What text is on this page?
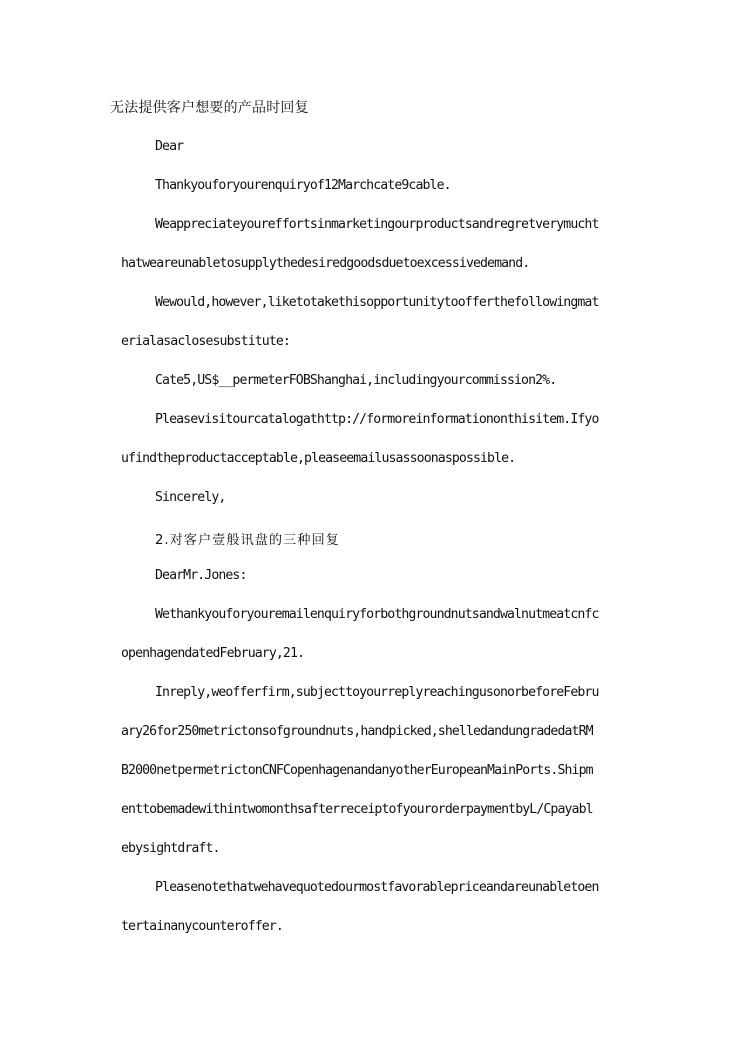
无法提供客户想要的产品时回复
Dear
Thankyouforyourenquiryof12Marchcate9cable.
Weappreciateyoureffortsinmarketingourproductsandregretverymucht
hatweareunabletosupplythedesiredgoodsduetoexcessivedemand.
Wewould,however,liketotakethisopportunitytoofferthefollowingmat
erialasaclosesubstitute:
Cate5,US$__permeterFOBShanghai,includingyourcommission2%.
Pleasevisitourcatalogathttp://formoreinformationonthisitem.Ifyo
ufindtheproductacceptable,pleaseemailusassoonaspossible.
Sincerely,
2.对客户壹般讯盘的三种回复
DearMr.Jones:
Wethankyouforyouremailenquiryforbothgroundnutsandwalnutmeatcnfc
openhagendatedFebruary,21.
Inreply,weofferfirm,subjecttoyourreplyreachingusonorbeforeFebru
ary26for250metrictonsofgroundnuts,handpicked,shelledandungradedatRM
B2000netpermetrictonCNFCopenhagenandanyotherEuropeanMainPorts.Shipm
enttobemadewithintwomonthsafterreceiptofyourorderpaymentbyL/Cpayabl
ebysightdraft.
Pleasenotethatwehavequotedourmostfavorablepriceandareunabletoen
tertainanycounteroffer.
